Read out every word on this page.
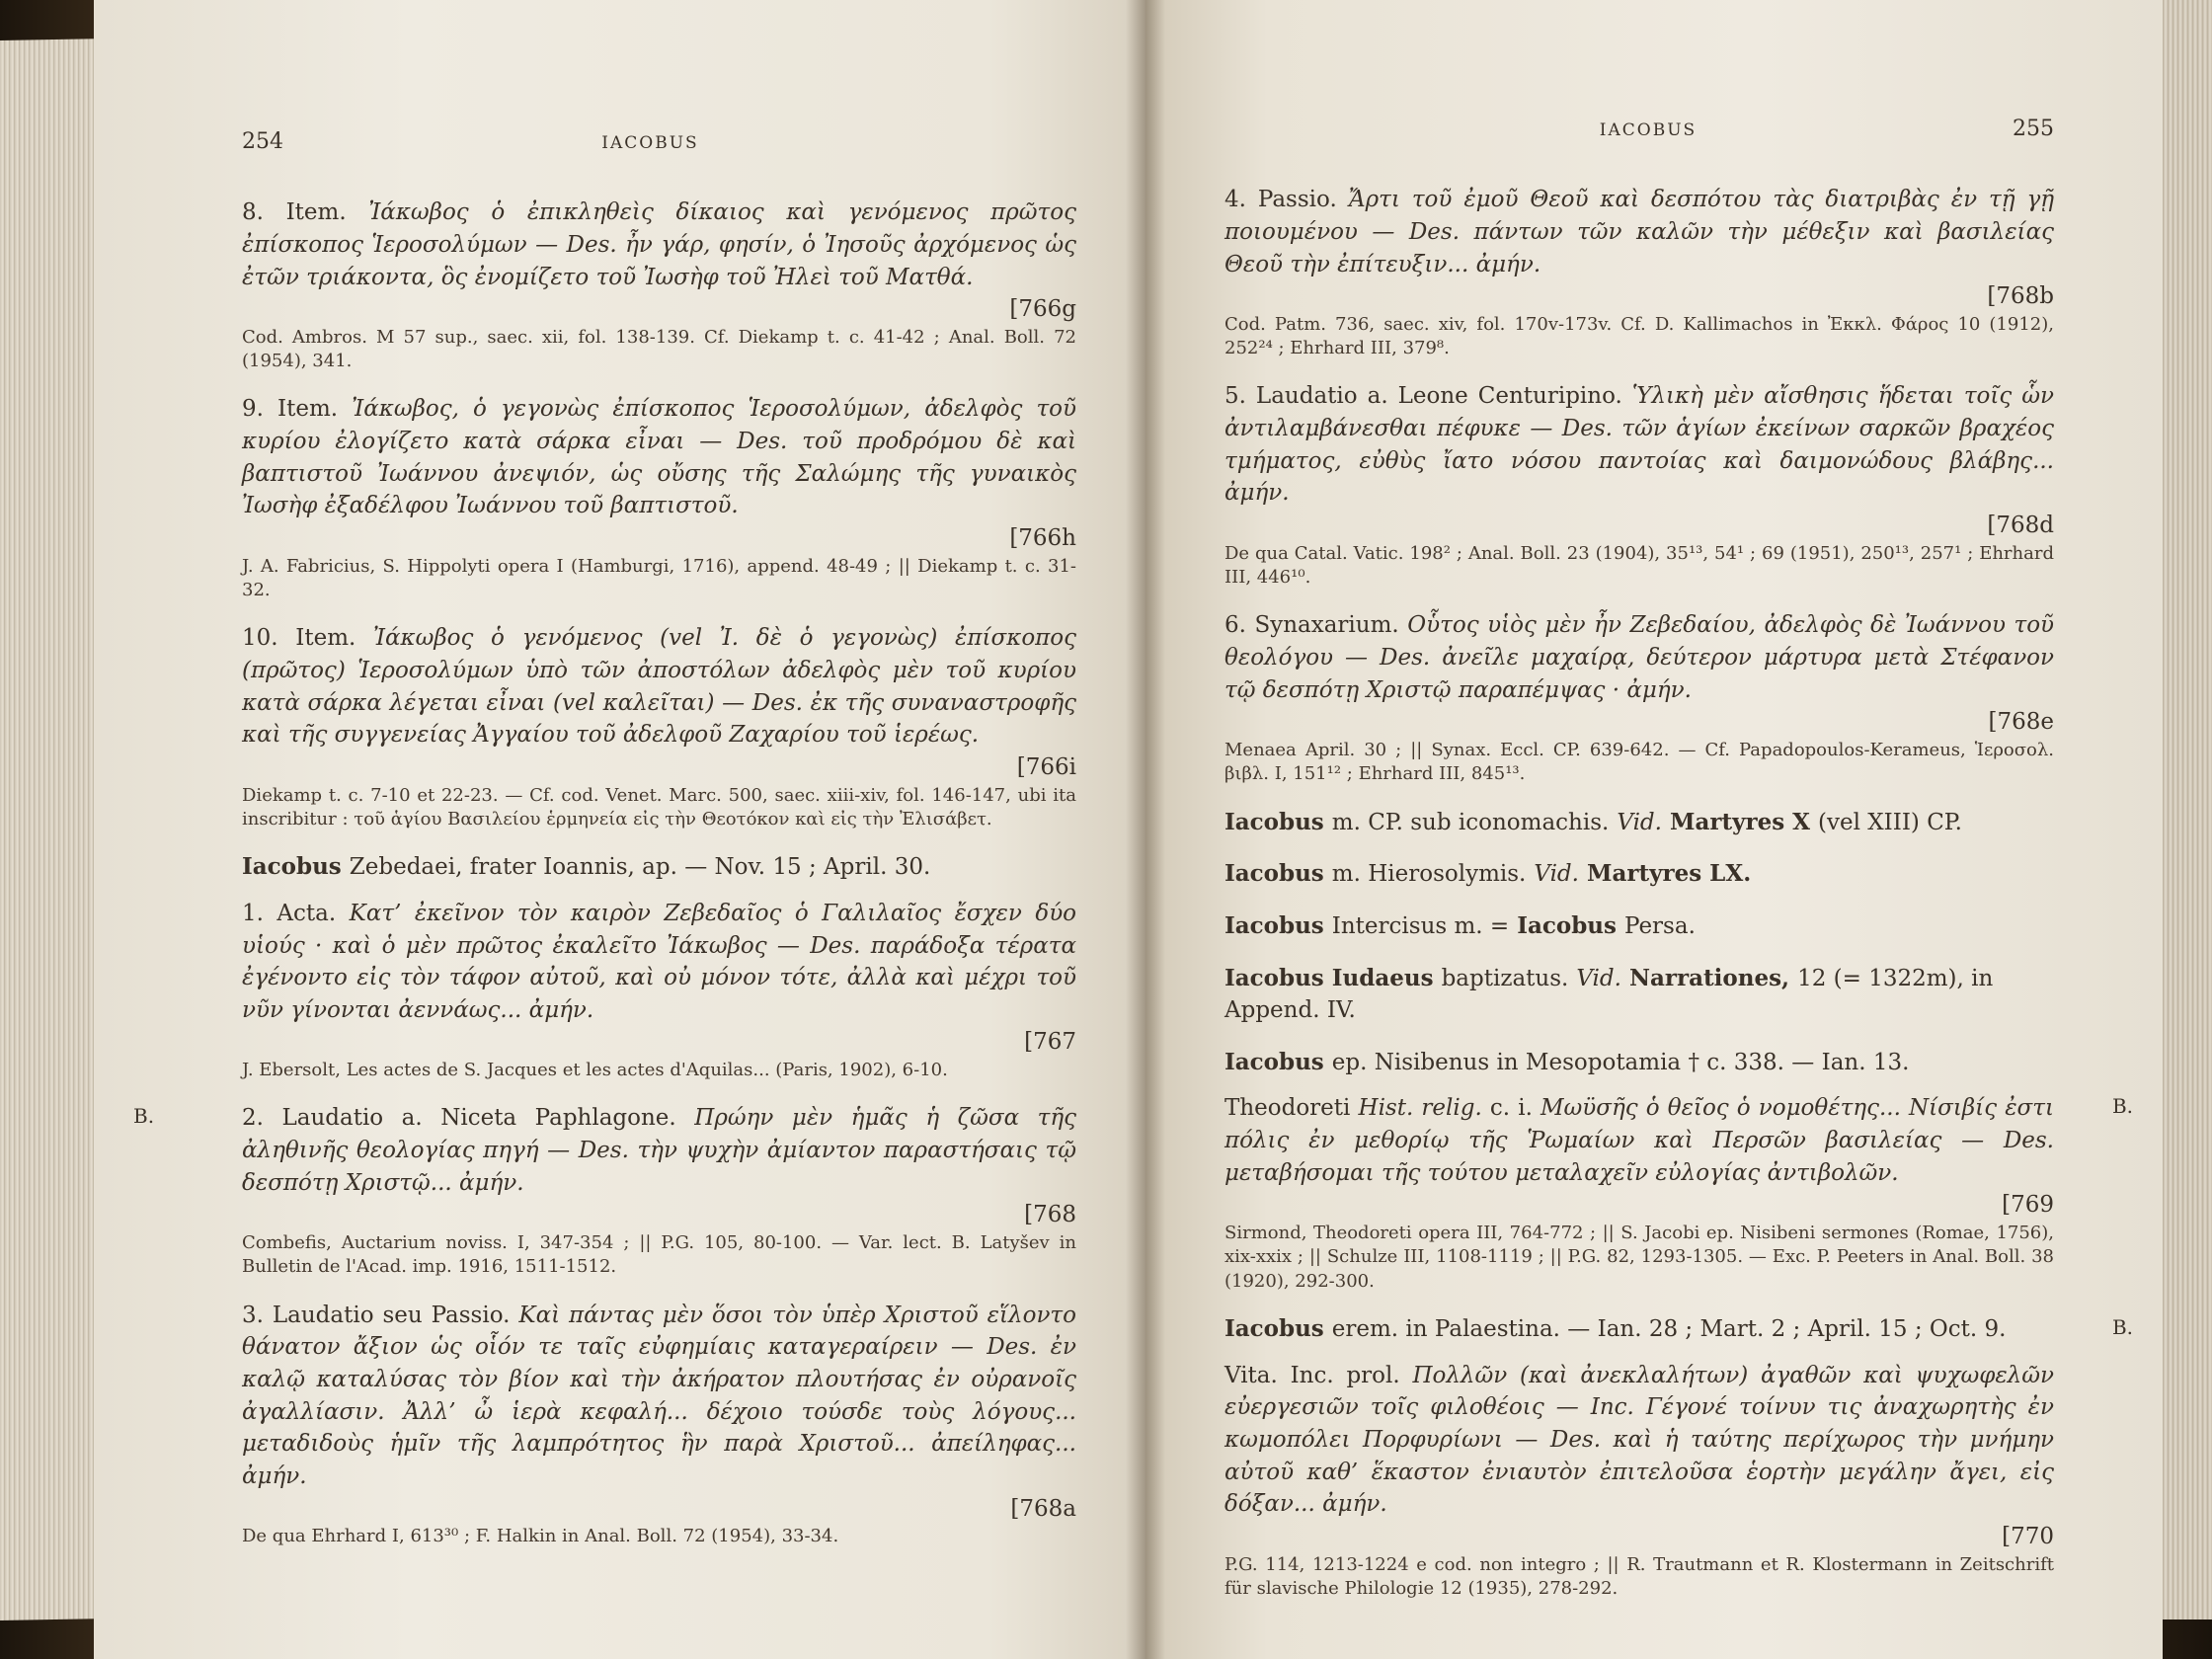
254	IACOBUS

8. Item. Ἰάκωβος ὁ ἐπικληθεὶς δίκαιος καὶ γενόμενος πρῶτος ἐπίσκοπος Ἱεροσολύμων — Des. ἦν γάρ, φησίν, ὁ Ἰησοῦς ἀρχόμενος ὡς ἐτῶν τριάκοντα, ὃς ἐνομίζετο τοῦ Ἰωσὴφ τοῦ Ἠλεὶ τοῦ Ματθά.
[766g

Cod. Ambros. M 57 sup., saec. xii, fol. 138-139. Cf. Diekamp t. c. 41-42 ; Anal. Boll. 72 (1954), 341.

9. Item. Ἰάκωβος, ὁ γεγονὼς ἐπίσκοπος Ἱεροσολύμων, ἀδελφὸς τοῦ κυρίου ἐλογίζετο κατὰ σάρκα εἶναι — Des. τοῦ προδρόμου δὲ καὶ βαπτιστοῦ Ἰωάννου ἀνεψιόν, ὡς οὔσης τῆς Σαλώμης τῆς γυναικὸς Ἰωσὴφ ἐξαδέλφου Ἰωάννου τοῦ βαπτιστοῦ.
[766h

J. A. Fabricius, S. Hippolyti opera I (Hamburgi, 1716), append. 48-49 ; || Diekamp t. c. 31-32.

10. Item. Ἰάκωβος ὁ γενόμενος (vel Ἰ. δὲ ὁ γεγονὼς) ἐπίσκοπος (πρῶτος) Ἱεροσολύμων ὑπὸ τῶν ἀποστόλων ἀδελφὸς μὲν τοῦ κυρίου κατὰ σάρκα λέγεται εἶναι (vel καλεῖται) — Des. ἐκ τῆς συναναστροφῆς καὶ τῆς συγγενείας Ἀγγαίου τοῦ ἀδελφοῦ Ζαχαρίου τοῦ ἱερέως.
[766i

Diekamp t. c. 7-10 et 22-23. — Cf. cod. Venet. Marc. 500, saec. xiii-xiv, fol. 146-147, ubi ita inscribitur : τοῦ ἁγίου Βασιλείου ἑρμηνεία εἰς τὴν Θεοτόκον καὶ εἰς τὴν Ἐλισάβετ.

Iacobus Zebedaei, frater Ioannis, ap. — Nov. 15 ; April. 30.

1. Acta. Κατ’ ἐκεῖνον τὸν καιρὸν Ζεβεδαῖος ὁ Γαλιλαῖος ἔσχεν δύο υἱούς · καὶ ὁ μὲν πρῶτος ἐκαλεῖτο Ἰάκωβος — Des. παράδοξα τέρατα ἐγένοντο εἰς τὸν τάφον αὐτοῦ, καὶ οὐ μόνον τότε, ἀλλὰ καὶ μέχρι τοῦ νῦν γίνονται ἀεννάως... ἀμήν.
[767

J. Ebersolt, Les actes de S. Jacques et les actes d'Aquilas... (Paris, 1902), 6-10.

B.	2. Laudatio a. Niceta Paphlagone. Πρώην μὲν ἡμᾶς ἡ ζῶσα τῆς ἀληθινῆς θεολογίας πηγή — Des. τὴν ψυχὴν ἀμίαντον παραστήσαις τῷ δεσπότῃ Χριστῷ... ἀμήν.
[768

Combefis, Auctarium noviss. I, 347-354 ; || P.G. 105, 80-100. — Var. lect. B. Latyšev in Bulletin de l'Acad. imp. 1916, 1511-1512.

3. Laudatio seu Passio. Καὶ πάντας μὲν ὅσοι τὸν ὑπὲρ Χριστοῦ εἵλοντο θάνατον ἄξιον ὡς οἷόν τε ταῖς εὐφημίαις καταγεραίρειν — Des. ἐν καλῷ καταλύσας τὸν βίον καὶ τὴν ἀκήρατον πλουτήσας ἐν οὐρανοῖς ἀγαλλίασιν. Ἀλλ’ ὦ ἱερὰ κεφαλή... δέχοιο τούσδε τοὺς λόγους... μεταδιδοὺς ἡμῖν τῆς λαμπρότητος ἣν παρὰ Χριστοῦ... ἀπείληφας... ἀμήν.
[768a

De qua Ehrhard I, 613³⁰ ; F. Halkin in Anal. Boll. 72 (1954), 33-34.

IACOBUS	255

4. Passio. Ἄρτι τοῦ ἐμοῦ Θεοῦ καὶ δεσπότου τὰς διατριβὰς ἐν τῇ γῇ ποιουμένου — Des. πάντων τῶν καλῶν τὴν μέθεξιν καὶ βασιλείας Θεοῦ τὴν ἐπίτευξιν... ἀμήν.
[768b

Cod. Patm. 736, saec. xiv, fol. 170v-173v. Cf. D. Kallimachos in Ἐκκλ. Φάρος 10 (1912), 252²⁴ ; Ehrhard III, 379⁸.

5. Laudatio a. Leone Centuripino. Ὑλικὴ μὲν αἴσθησις ἥδεται τοῖς ὧν ἀντιλαμβάνεσθαι πέφυκε — Des. τῶν ἁγίων ἐκείνων σαρκῶν βραχέος τμήματος, εὐθὺς ἴατο νόσου παντοίας καὶ δαιμονώδους βλάβης... ἀμήν.
[768d

De qua Catal. Vatic. 198² ; Anal. Boll. 23 (1904), 35¹³, 54¹ ; 69 (1951), 250¹³, 257¹ ; Ehrhard III, 446¹⁰.

6. Synaxarium. Οὗτος υἱὸς μὲν ἦν Ζεβεδαίου, ἀδελφὸς δὲ Ἰωάννου τοῦ θεολόγου — Des. ἀνεῖλε μαχαίρᾳ, δεύτερον μάρτυρα μετὰ Στέφανον τῷ δεσπότῃ Χριστῷ παραπέμψας · ἀμήν.
[768e

Menaea April. 30 ; || Synax. Eccl. CP. 639-642. — Cf. Papadopoulos-Kerameus, Ἱεροσολ. βιβλ. I, 151¹² ; Ehrhard III, 845¹³.

Iacobus m. CP. sub iconomachis. Vid. Martyres X (vel XIII) CP.

Iacobus m. Hierosolymis. Vid. Martyres LX.

Iacobus Intercisus m. = Iacobus Persa.

Iacobus Iudaeus baptizatus. Vid. Narrationes, 12 (= 1322m), in Append. IV.

Iacobus ep. Nisibenus in Mesopotamia † c. 338. — Ian. 13.

B.

Theodoreti Hist. relig. c. i. Μωϋσῆς ὁ θεῖος ὁ νομοθέτης... Νίσιβίς ἐστι πόλις ἐν μεθορίῳ τῆς Ῥωμαίων καὶ Περσῶν βασιλείας — Des. μεταβήσομαι τῆς τούτου μεταλαχεῖν εὐλογίας ἀντιβολῶν.
[769

Sirmond, Theodoreti opera III, 764-772 ; || S. Jacobi ep. Nisibeni sermones (Romae, 1756), xix-xxix ; || Schulze III, 1108-1119 ; || P.G. 82, 1293-1305. — Exc. P. Peeters in Anal. Boll. 38 (1920), 292-300.

B.
Iacobus erem. in Palaestina. — Ian. 28 ; Mart. 2 ; April. 15 ; Oct. 9.

Vita. Inc. prol. Πολλῶν (καὶ ἀνεκλαλήτων) ἀγαθῶν καὶ ψυχωφελῶν εὐεργεσιῶν τοῖς φιλοθέοις — Inc. Γέγονέ τοίνυν τις ἀναχωρητὴς ἐν κωμοπόλει Πορφυρίωνι — Des. καὶ ἡ ταύτης περίχωρος τὴν μνήμην αὐτοῦ καθ’ ἕκαστον ἐνιαυτὸν ἐπιτελοῦσα ἑορτὴν μεγάλην ἄγει, εἰς δόξαν... ἀμήν.
[770

P.G. 114, 1213-1224 e cod. non integro ; || R. Trautmann et R. Klostermann in Zeitschrift für slavische Philologie 12 (1935), 278-292.
